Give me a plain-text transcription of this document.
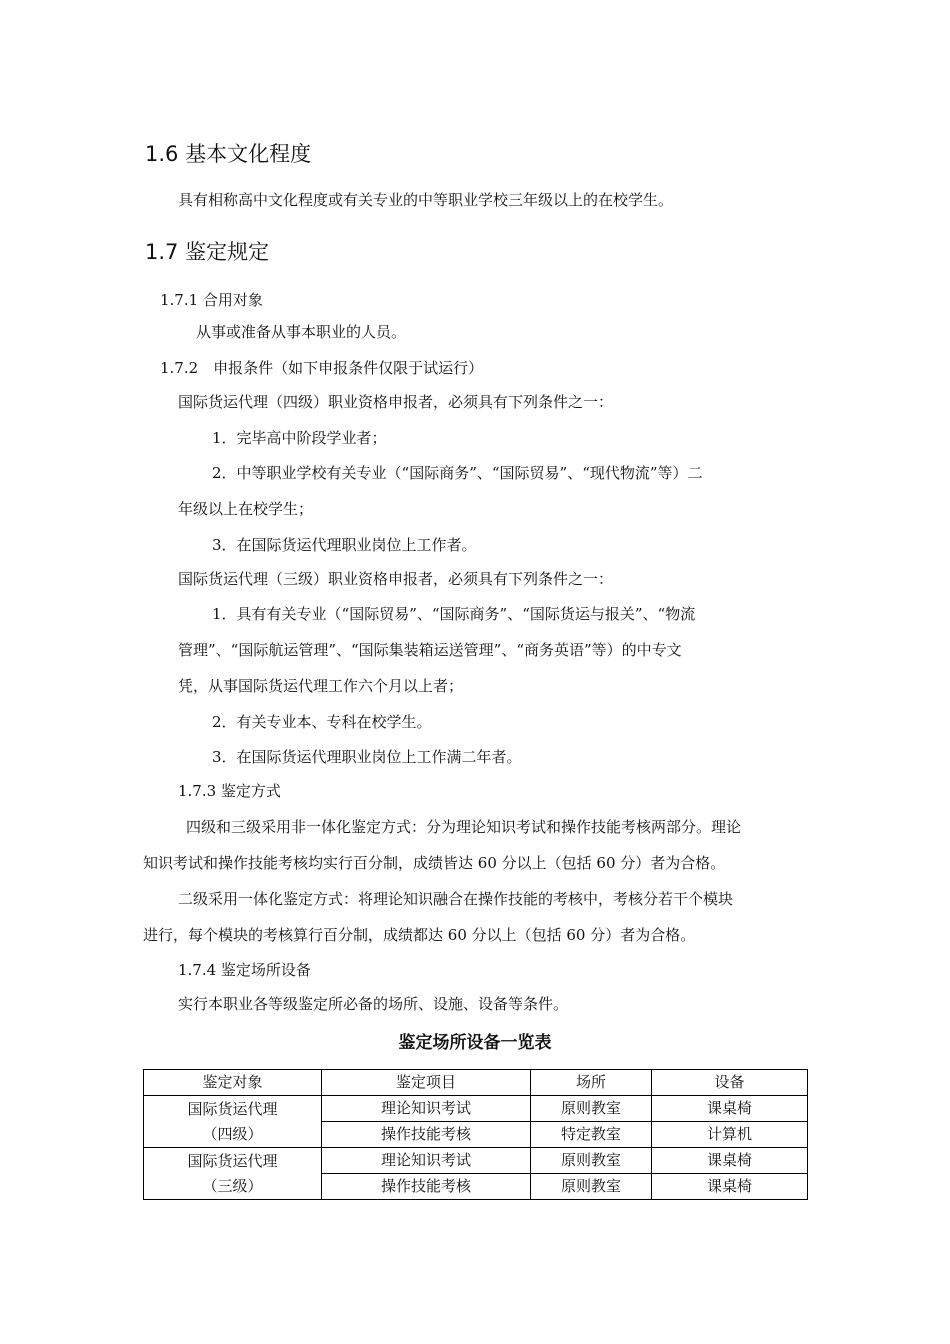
1.6 基本文化程度
具有相称高中文化程度或有关专业的中等职业学校三年级以上的在校学生。
1.7 鉴定规定
1.7.1 合用对象
从事或准备从事本职业的人员。
1.7.2　申报条件（如下申报条件仅限于试运行）
国际货运代理（四级）职业资格申报者，必须具有下列条件之一：
1．完毕高中阶段学业者；
2．中等职业学校有关专业（“国际商务”、“国际贸易”、“现代物流”等）二
年级以上在校学生；
3．在国际货运代理职业岗位上工作者。
国际货运代理（三级）职业资格申报者，必须具有下列条件之一：
1．具有有关专业（“国际贸易”、“国际商务”、“国际货运与报关”、“物流
管理”、“国际航运管理”、“国际集装箱运送管理”、“商务英语”等）的中专文
凭，从事国际货运代理工作六个月以上者；
2．有关专业本、专科在校学生。
3．在国际货运代理职业岗位上工作满二年者。
1.7.3 鉴定方式
四级和三级采用非一体化鉴定方式：分为理论知识考试和操作技能考核两部分。理论
知识考试和操作技能考核均实行百分制，成绩皆达 60 分以上（包括 60 分）者为合格。
二级采用一体化鉴定方式：将理论知识融合在操作技能的考核中，考核分若干个模块
进行，每个模块的考核算行百分制，成绩都达 60 分以上（包括 60 分）者为合格。
1.7.4 鉴定场所设备
实行本职业各等级鉴定所必备的场所、设施、设备等条件。
鉴定场所设备一览表
鉴定对象	鉴定项目	场所	设备

国际货运代理
（四级）	理论知识考试	原则教室	课桌椅
	操作技能考核	特定教室	计算机

国际货运代理
（三级）	理论知识考试	原则教室	课桌椅
	操作技能考核	原则教室	课桌椅
